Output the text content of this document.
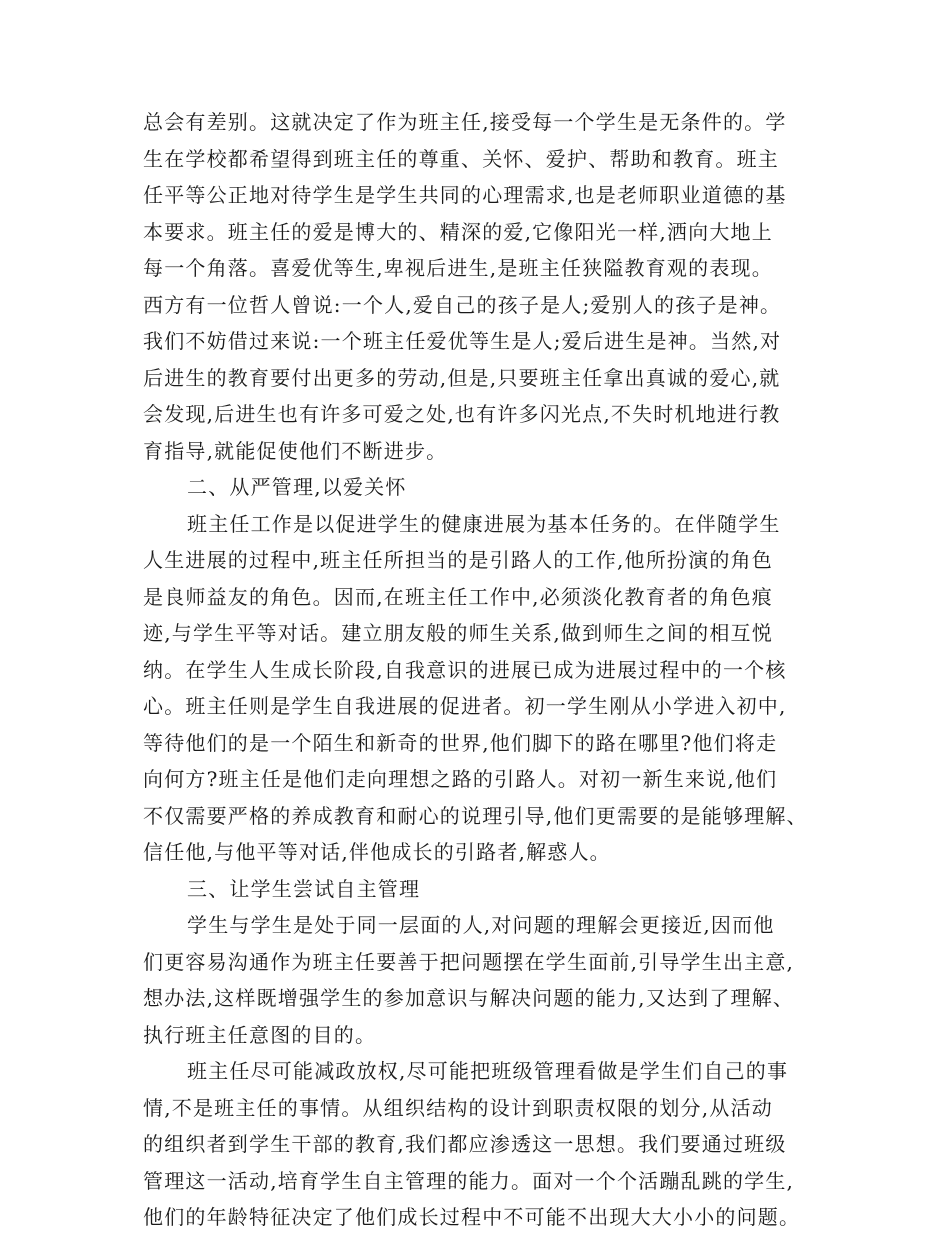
总会有差别。这就决定了作为班主任,接受每一个学生是无条件的。学
生在学校都希望得到班主任的尊重、关怀、爱护、帮助和教育。班主
任平等公正地对待学生是学生共同的心理需求,也是老师职业道德的基
本要求。班主任的爱是博大的、精深的爱,它像阳光一样,洒向大地上
每一个角落。喜爱优等生,卑视后进生,是班主任狭隘教育观的表现。
西方有一位哲人曾说:一个人,爱自己的孩子是人;爱别人的孩子是神。
我们不妨借过来说:一个班主任爱优等生是人;爱后进生是神。当然,对
后进生的教育要付出更多的劳动,但是,只要班主任拿出真诚的爱心,就
会发现,后进生也有许多可爱之处,也有许多闪光点,不失时机地进行教
育指导,就能促使他们不断进步。
二、从严管理,以爱关怀
班主任工作是以促进学生的健康进展为基本任务的。在伴随学生
人生进展的过程中,班主任所担当的是引路人的工作,他所扮演的角色
是良师益友的角色。因而,在班主任工作中,必须淡化教育者的角色痕
迹,与学生平等对话。建立朋友般的师生关系,做到师生之间的相互悦
纳。在学生人生成长阶段,自我意识的进展已成为进展过程中的一个核
心。班主任则是学生自我进展的促进者。初一学生刚从小学进入初中,
等待他们的是一个陌生和新奇的世界,他们脚下的路在哪里?他们将走
向何方?班主任是他们走向理想之路的引路人。对初一新生来说,他们
不仅需要严格的养成教育和耐心的说理引导,他们更需要的是能够理解、
信任他,与他平等对话,伴他成长的引路者,解惑人。
三、让学生尝试自主管理
学生与学生是处于同一层面的人,对问题的理解会更接近,因而他
们更容易沟通作为班主任要善于把问题摆在学生面前,引导学生出主意,
想办法,这样既增强学生的参加意识与解决问题的能力,又达到了理解、
执行班主任意图的目的。
班主任尽可能减政放权,尽可能把班级管理看做是学生们自己的事
情,不是班主任的事情。从组织结构的设计到职责权限的划分,从活动
的组织者到学生干部的教育,我们都应渗透这一思想。我们要通过班级
管理这一活动,培育学生自主管理的能力。面对一个个活蹦乱跳的学生,
他们的年龄特征决定了他们成长过程中不可能不出现大大小小的问题。
